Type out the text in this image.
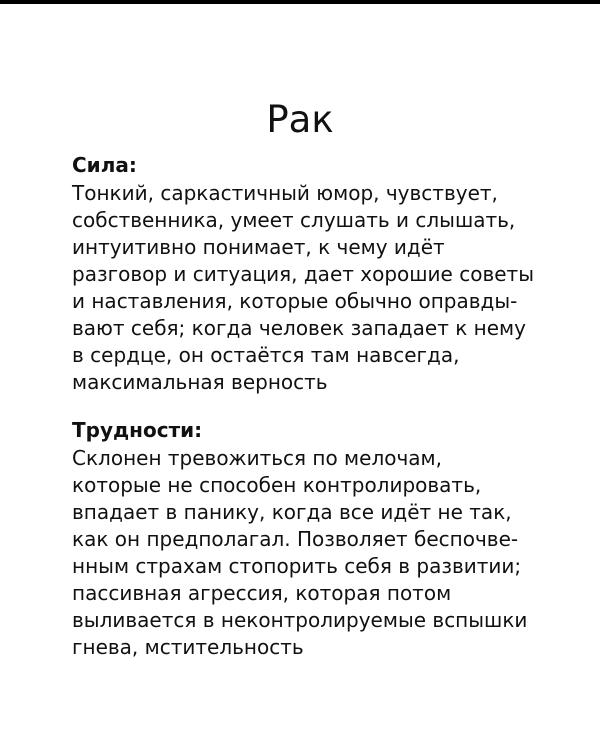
Рак
Сила:

Тонкий, саркастичный юмор, чувствует,

собственника, умеет слушать и слышать,

интуитивно понимает, к чему идёт

разговор и ситуация, дает хорошие советы

и наставления, которые обычно оправды-

вают себя; когда человек западает к нему

в сердце, он остаётся там навсегда,

максимальная верность

Трудности:

Склонен тревожиться по мелочам,

которые не способен контролировать,

впадает в панику, когда все идёт не так,

как он предполагал. Позволяет беспочве-

нным страхам стопорить себя в развитии;

пассивная агрессия, которая потом

выливается в неконтролируемые вспышки

гнева, мстительность
